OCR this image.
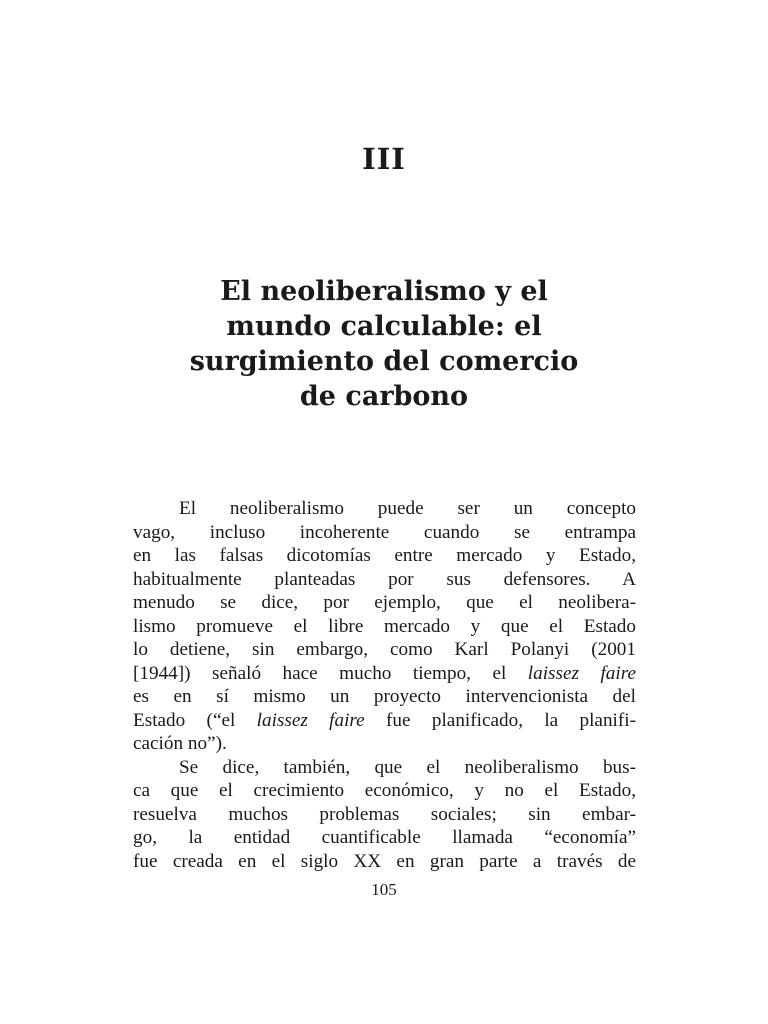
III
El neoliberalismo y el
mundo calculable: el
surgimiento del comercio
de carbono
El neoliberalismo puede ser un concepto
vago, incluso incoherente cuando se entrampa
en las falsas dicotomías entre mercado y Estado,
habitualmente planteadas por sus defensores. A
menudo se dice, por ejemplo, que el neolibera-
lismo promueve el libre mercado y que el Estado
lo detiene, sin embargo, como Karl Polanyi (2001
[1944]) señaló hace mucho tiempo, el laissez faire
es en sí mismo un proyecto intervencionista del
Estado (“el laissez faire fue planificado, la planifi-
cación no”).
Se dice, también, que el neoliberalismo bus-
ca que el crecimiento económico, y no el Estado,
resuelva muchos problemas sociales; sin embar-
go, la entidad cuantificable llamada “economía”
fue creada en el siglo XX en gran parte a través de
105
